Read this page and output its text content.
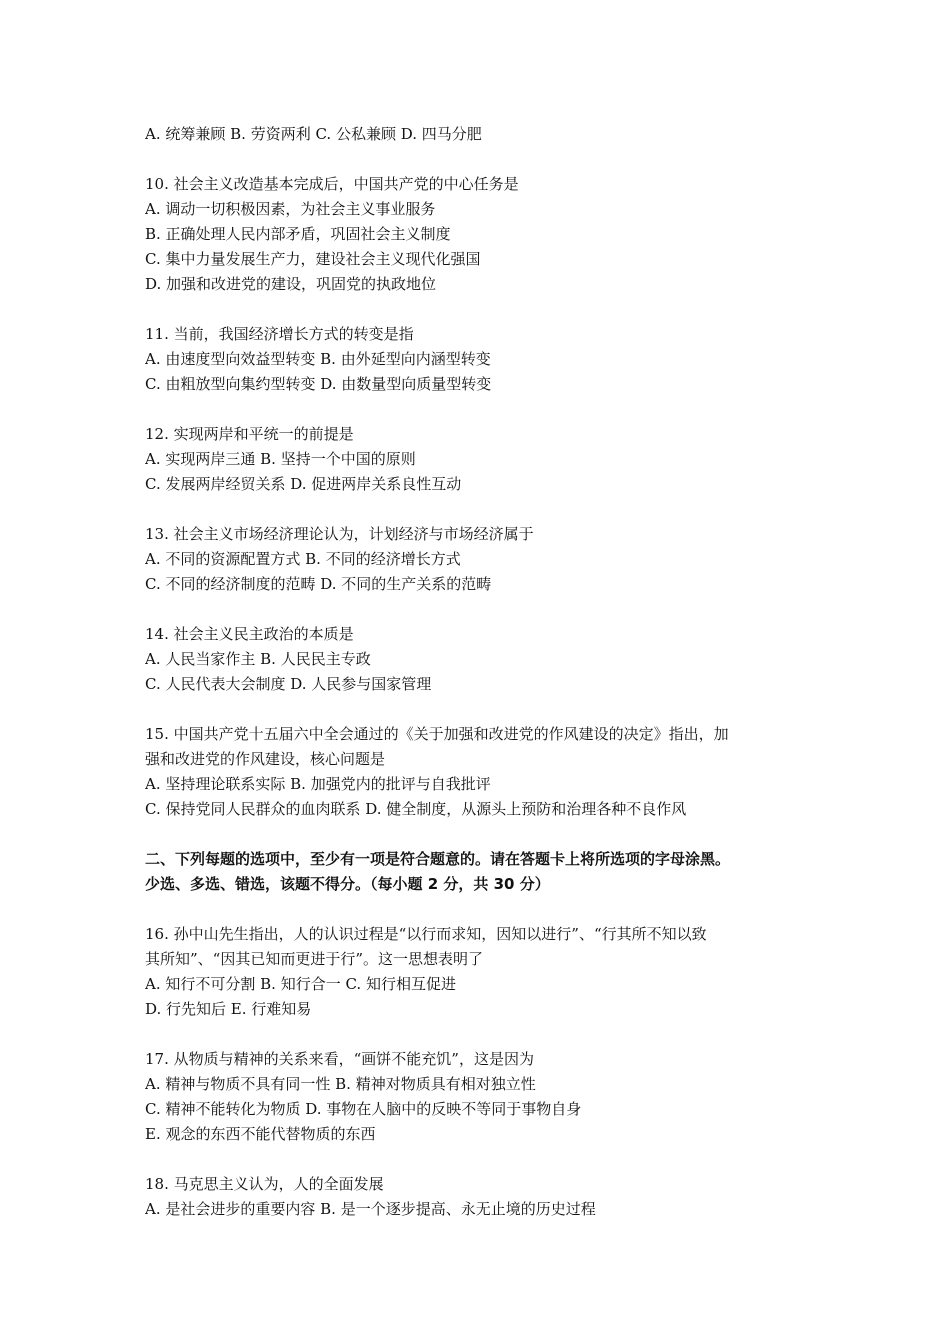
A. 统筹兼顾 B. 劳资两利 C. 公私兼顾 D. 四马分肥
10. 社会主义改造基本完成后，中国共产党的中心任务是
A. 调动一切积极因素，为社会主义事业服务
B. 正确处理人民内部矛盾，巩固社会主义制度
C. 集中力量发展生产力，建设社会主义现代化强国
D. 加强和改进党的建设，巩固党的执政地位
11. 当前，我国经济增长方式的转变是指
A. 由速度型向效益型转变 B. 由外延型向内涵型转变
C. 由粗放型向集约型转变 D. 由数量型向质量型转变
12. 实现两岸和平统一的前提是
A. 实现两岸三通 B. 坚持一个中国的原则
C. 发展两岸经贸关系 D. 促进两岸关系良性互动
13. 社会主义市场经济理论认为，计划经济与市场经济属于
A. 不同的资源配置方式 B. 不同的经济增长方式
C. 不同的经济制度的范畴 D. 不同的生产关系的范畴
14. 社会主义民主政治的本质是
A. 人民当家作主 B. 人民民主专政
C. 人民代表大会制度 D. 人民参与国家管理
15. 中国共产党十五届六中全会通过的《关于加强和改进党的作风建设的决定》指出，加
强和改进党的作风建设，核心问题是
A. 坚持理论联系实际 B. 加强党内的批评与自我批评
C. 保持党同人民群众的血肉联系 D. 健全制度，从源头上预防和治理各种不良作风
二、下列每题的选项中，至少有一项是符合题意的。请在答题卡上将所选项的字母涂黑。
少选、多选、错选，该题不得分。（每小题 2 分，共 30 分）
16. 孙中山先生指出，人的认识过程是“以行而求知，因知以进行”、“行其所不知以致
其所知”、“因其已知而更进于行”。这一思想表明了
A. 知行不可分割 B. 知行合一 C. 知行相互促进
D. 行先知后 E. 行难知易
17. 从物质与精神的关系来看，“画饼不能充饥”，这是因为
A. 精神与物质不具有同一性 B. 精神对物质具有相对独立性
C. 精神不能转化为物质 D. 事物在人脑中的反映不等同于事物自身
E. 观念的东西不能代替物质的东西
18. 马克思主义认为，人的全面发展
A. 是社会进步的重要内容 B. 是一个逐步提高、永无止境的历史过程
